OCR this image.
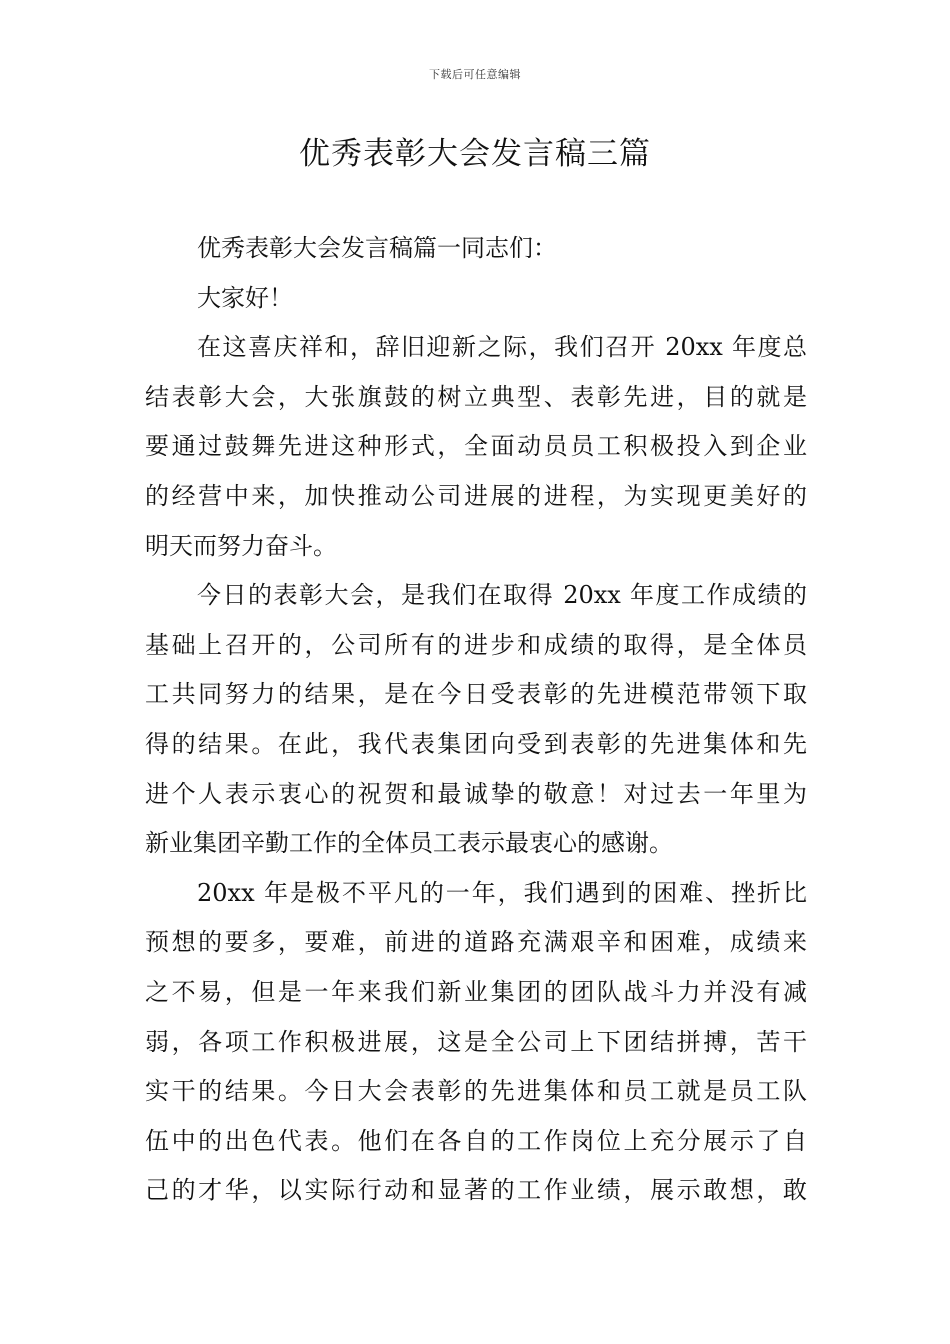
下载后可任意编辑
优秀表彰大会发言稿三篇
优秀表彰大会发言稿篇一同志们：
大家好！
在这喜庆祥和，辞旧迎新之际，我们召开 20xx 年度总
结表彰大会，大张旗鼓的树立典型、表彰先进，目的就是
要通过鼓舞先进这种形式，全面动员员工积极投入到企业
的经营中来，加快推动公司进展的进程，为实现更美好的
明天而努力奋斗。
今日的表彰大会，是我们在取得 20xx 年度工作成绩的
基础上召开的，公司所有的进步和成绩的取得，是全体员
工共同努力的结果，是在今日受表彰的先进模范带领下取
得的结果。在此，我代表集团向受到表彰的先进集体和先
进个人表示衷心的祝贺和最诚挚的敬意！对过去一年里为
新业集团辛勤工作的全体员工表示最衷心的感谢。
20xx 年是极不平凡的一年，我们遇到的困难、挫折比
预想的要多，要难，前进的道路充满艰辛和困难，成绩来
之不易，但是一年来我们新业集团的团队战斗力并没有减
弱，各项工作积极进展，这是全公司上下团结拼搏，苦干
实干的结果。今日大会表彰的先进集体和员工就是员工队
伍中的出色代表。他们在各自的工作岗位上充分展示了自
己的才华，以实际行动和显著的工作业绩，展示敢想，敢
